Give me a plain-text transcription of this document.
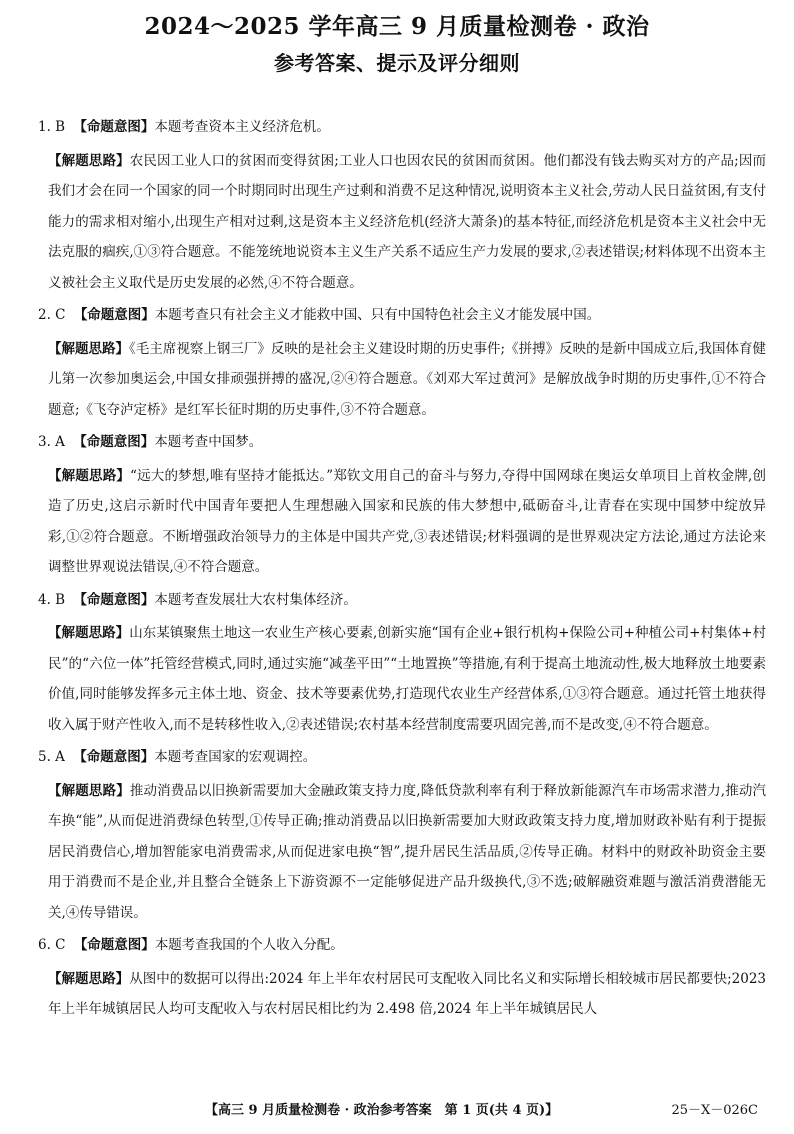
2024～2025 学年高三 9 月质量检测卷 · 政治
参考答案、提示及评分细则
1. B 【命题意图】本题考查资本主义经济危机。
【解题思路】农民因工业人口的贫困而变得贫困;工业人口也因农民的贫困而贫困。他们都没有钱去购买对方的产品;因而我们才会在同一个国家的同一个时期同时出现生产过剩和消费不足这种情况,说明资本主义社会,劳动人民日益贫困,有支付能力的需求相对缩小,出现生产相对过剩,这是资本主义经济危机(经济大萧条)的基本特征,而经济危机是资本主义社会中无法克服的痼疾,①③符合题意。不能笼统地说资本主义生产关系不适应生产力发展的要求,②表述错误;材料体现不出资本主义被社会主义取代是历史发展的必然,④不符合题意。
2. C 【命题意图】本题考查只有社会主义才能救中国、只有中国特色社会主义才能发展中国。
【解题思路】《毛主席视察上钢三厂》反映的是社会主义建设时期的历史事件;《拼搏》反映的是新中国成立后,我国体育健儿第一次参加奥运会,中国女排顽强拼搏的盛况,②④符合题意。《刘邓大军过黄河》是解放战争时期的历史事件,①不符合题意;《飞夺泸定桥》是红军长征时期的历史事件,③不符合题意。
3. A 【命题意图】本题考查中国梦。
【解题思路】“远大的梦想,唯有坚持才能抵达。”郑钦文用自己的奋斗与努力,夺得中国网球在奥运女单项目上首枚金牌,创造了历史,这启示新时代中国青年要把人生理想融入国家和民族的伟大梦想中,砥砺奋斗,让青春在实现中国梦中绽放异彩,①②符合题意。不断增强政治领导力的主体是中国共产党,③表述错误;材料强调的是世界观决定方法论,通过方法论来调整世界观说法错误,④不符合题意。
4. B 【命题意图】本题考查发展壮大农村集体经济。
【解题思路】山东某镇聚焦土地这一农业生产核心要素,创新实施“国有企业+银行机构+保险公司+种植公司+村集体+村民”的“六位一体”托管经营模式,同时,通过实施“减垄平田”“土地置换”等措施,有利于提高土地流动性,极大地释放土地要素价值,同时能够发挥多元主体土地、资金、技术等要素优势,打造现代农业生产经营体系,①③符合题意。通过托管土地获得收入属于财产性收入,而不是转移性收入,②表述错误;农村基本经营制度需要巩固完善,而不是改变,④不符合题意。
5. A 【命题意图】本题考查国家的宏观调控。
【解题思路】推动消费品以旧换新需要加大金融政策支持力度,降低贷款利率有利于释放新能源汽车市场需求潜力,推动汽车换“能”,从而促进消费绿色转型,①传导正确;推动消费品以旧换新需要加大财政政策支持力度,增加财政补贴有利于提振居民消费信心,增加智能家电消费需求,从而促进家电换“智”,提升居民生活品质,②传导正确。材料中的财政补助资金主要用于消费而不是企业,并且整合全链条上下游资源不一定能够促进产品升级换代,③不选;破解融资难题与激活消费潜能无关,④传导错误。
6. C 【命题意图】本题考查我国的个人收入分配。
【解题思路】从图中的数据可以得出:2024 年上半年农村居民可支配收入同比名义和实际增长相较城市居民都要快;2023 年上半年城镇居民人均可支配收入与农村居民相比约为 2.498 倍,2024 年上半年城镇居民人
【高三 9 月质量检测卷 · 政治参考答案　第 1 页(共 4 页)】	25－X－026C
